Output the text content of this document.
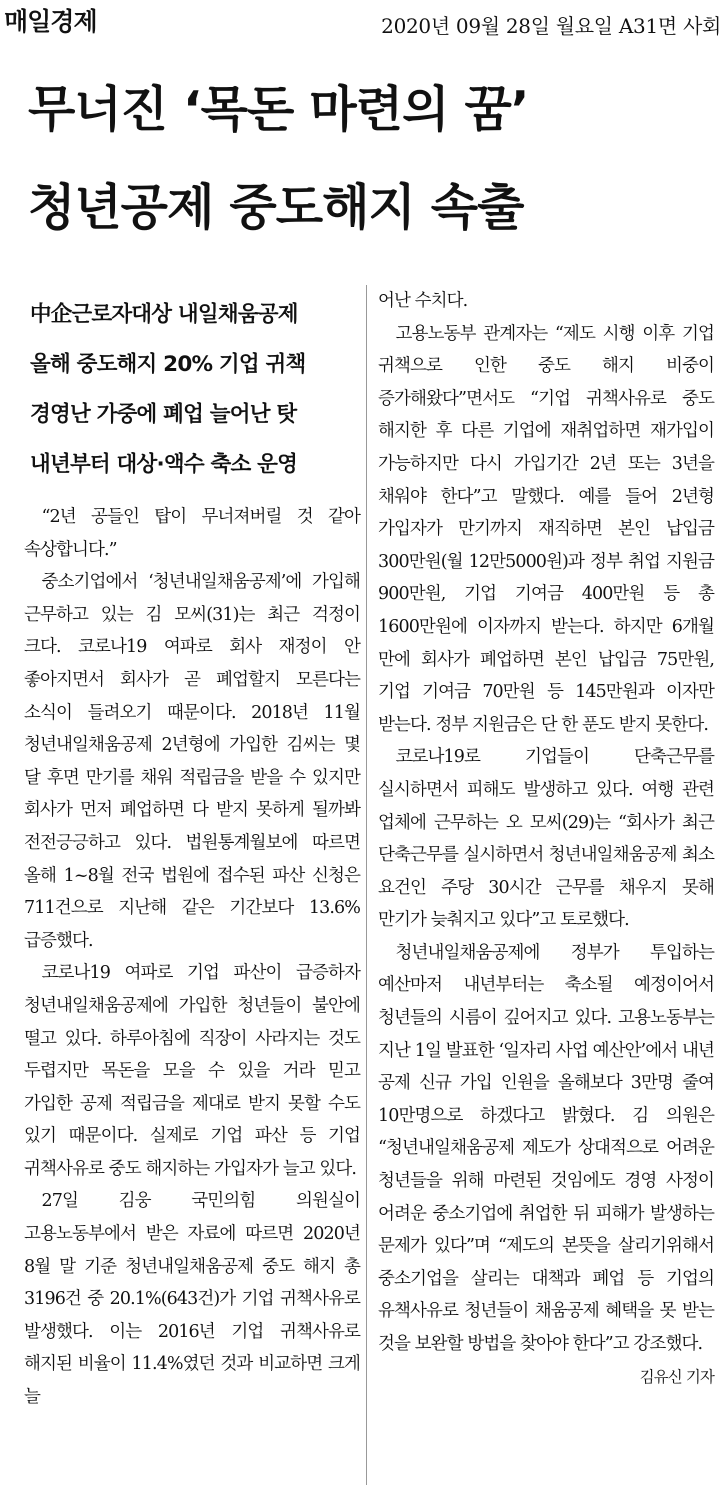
매일경제	2020년 09월 28일 월요일 A31면 사회
무너진 ‘목돈 마련의 꿈’
청년공제 중도해지 속출
中企근로자대상 내일채움공제
올해 중도해지 20% 기업 귀책
경영난 가중에 폐업 늘어난 탓
내년부터 대상·액수 축소 운영

“2년 공들인 탑이 무너져버릴 것 같아 속상합니다.”

중소기업에서 ‘청년내일채움공제’에 가입해 근무하고 있는 김 모씨(31)는 최근 걱정이 크다. 코로나19 여파로 회사 재정이 안 좋아지면서 회사가 곧 폐업할지 모른다는 소식이 들려오기 때문이다. 2018년 11월 청년내일채움공제 2년형에 가입한 김씨는 몇 달 후면 만기를 채워 적립금을 받을 수 있지만 회사가 먼저 폐업하면 다 받지 못하게 될까봐 전전긍긍하고 있다. 법원통계월보에 따르면 올해 1~8월 전국 법원에 접수된 파산 신청은 711건으로 지난해 같은 기간보다 13.6% 급증했다.

코로나19 여파로 기업 파산이 급증하자 청년내일채움공제에 가입한 청년들이 불안에 떨고 있다. 하루아침에 직장이 사라지는 것도 두렵지만 목돈을 모을 수 있을 거라 믿고 가입한 공제 적립금을 제대로 받지 못할 수도 있기 때문이다. 실제로 기업 파산 등 기업 귀책사유로 중도 해지하는 가입자가 늘고 있다.

27일 김웅 국민의힘 의원실이 고용노동부에서 받은 자료에 따르면 2020년 8월 말 기준 청년내일채움공제 중도 해지 총 3196건 중 20.1%(643건)가 기업 귀책사유로 발생했다. 이는 2016년 기업 귀책사유로 해지된 비율이 11.4%였던 것과 비교하면 크게 늘

어난 수치다.

고용노동부 관계자는 “제도 시행 이후 기업 귀책으로 인한 중도 해지 비중이 증가해왔다”면서도 “기업 귀책사유로 중도 해지한 후 다른 기업에 재취업하면 재가입이 가능하지만 다시 가입기간 2년 또는 3년을 채워야 한다”고 말했다. 예를 들어 2년형 가입자가 만기까지 재직하면 본인 납입금 300만원(월 12만5000원)과 정부 취업 지원금 900만원, 기업 기여금 400만원 등 총 1600만원에 이자까지 받는다. 하지만 6개월 만에 회사가 폐업하면 본인 납입금 75만원, 기업 기여금 70만원 등 145만원과 이자만 받는다. 정부 지원금은 단 한 푼도 받지 못한다.

코로나19로 기업들이 단축근무를 실시하면서 피해도 발생하고 있다. 여행 관련 업체에 근무하는 오 모씨(29)는 “회사가 최근 단축근무를 실시하면서 청년내일채움공제 최소 요건인 주당 30시간 근무를 채우지 못해 만기가 늦춰지고 있다”고 토로했다.

청년내일채움공제에 정부가 투입하는 예산마저 내년부터는 축소될 예정이어서 청년들의 시름이 깊어지고 있다. 고용노동부는 지난 1일 발표한 ‘일자리 사업 예산안’에서 내년 공제 신규 가입 인원을 올해보다 3만명 줄여 10만명으로 하겠다고 밝혔다. 김 의원은 “청년내일채움공제 제도가 상대적으로 어려운 청년들을 위해 마련된 것임에도 경영 사정이 어려운 중소기업에 취업한 뒤 피해가 발생하는 문제가 있다”며 “제도의 본뜻을 살리기위해서 중소기업을 살리는 대책과 폐업 등 기업의 유책사유로 청년들이 채움공제 혜택을 못 받는 것을 보완할 방법을 찾아야 한다”고 강조했다.
김유신 기자
